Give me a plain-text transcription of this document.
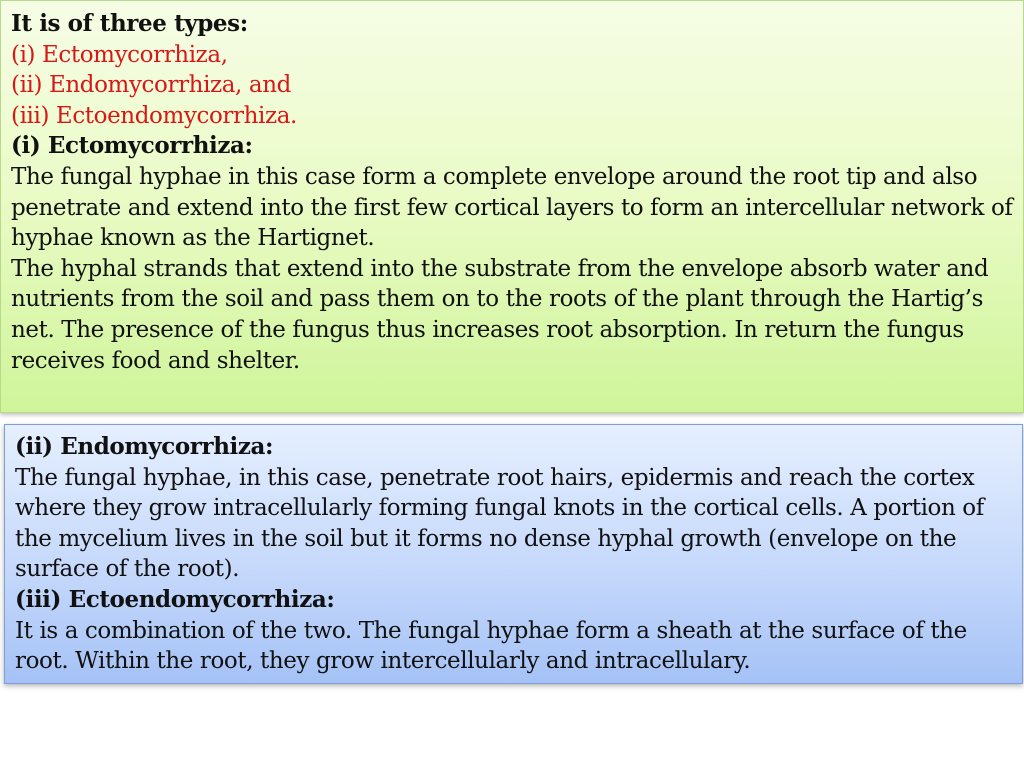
It is of three types:
(i) Ectomycorrhiza,
(ii) Endomycorrhiza, and
(iii) Ectoendomycorrhiza.
(i) Ectomycorrhiza:
The fungal hyphae in this case form a complete envelope around the root tip and also
penetrate and extend into the first few cortical layers to form an intercellular network of
hyphae known as the Hartignet.
The hyphal strands that extend into the substrate from the envelope absorb water and
nutrients from the soil and pass them on to the roots of the plant through the Hartig’s
net. The presence of the fungus thus increases root absorption. In return the fungus
receives food and shelter.
(ii) Endomycorrhiza:
The fungal hyphae, in this case, penetrate root hairs, epidermis and reach the cortex
where they grow intracellularly forming fungal knots in the cortical cells. A portion of
the mycelium lives in the soil but it forms no dense hyphal growth (envelope on the
surface of the root).
(iii) Ectoendomycorrhiza:
It is a combination of the two. The fungal hyphae form a sheath at the surface of the
root. Within the root, they grow intercellularly and intracellulary.
